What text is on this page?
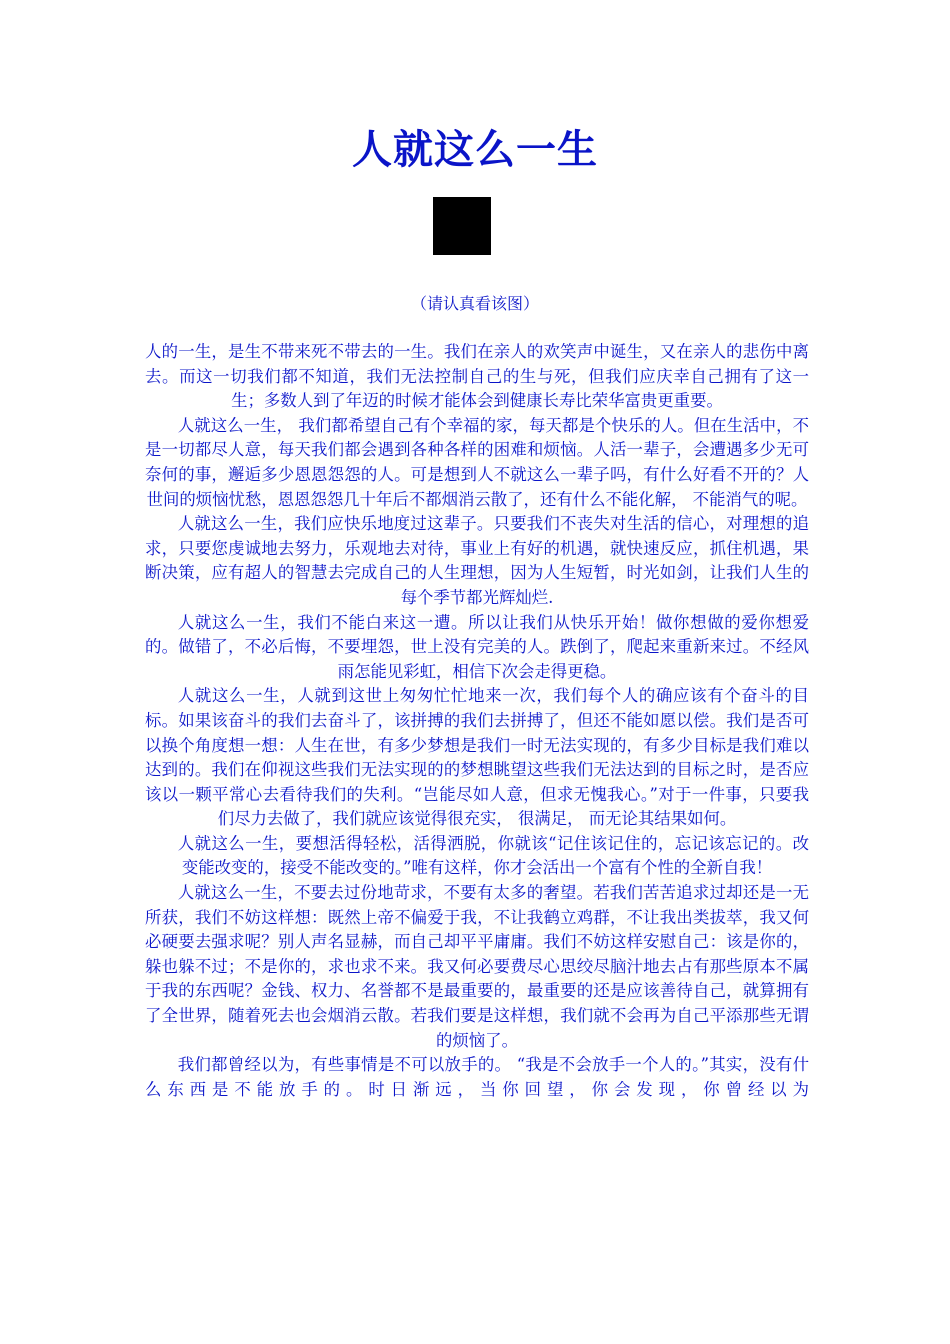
人就这么一生
（请认真看该图）

人的一生，是生不带来死不带去的一生。我们在亲人的欢笑声中诞生，又在亲人的悲伤中离去。而这一切我们都不知道，我们无法控制自己的生与死，但我们应庆幸自己拥有了这一生；多数人到了年迈的时候才能体会到健康长寿比荣华富贵更重要。

人就这么一生， 我们都希望自己有个幸福的家，每天都是个快乐的人。但在生活中，不是一切都尽人意，每天我们都会遇到各种各样的困难和烦恼。人活一辈子，会遭遇多少无可奈何的事，邂逅多少恩恩怨怨的人。可是想到人不就这么一辈子吗，有什么好看不开的？人世间的烦恼忧愁，恩恩怨怨几十年后不都烟消云散了，还有什么不能化解， 不能消气的呢。

人就这么一生，我们应快乐地度过这辈子。只要我们不丧失对生活的信心，对理想的追求，只要您虔诚地去努力，乐观地去对待，事业上有好的机遇，就快速反应，抓住机遇，果断决策，应有超人的智慧去完成自己的人生理想，因为人生短暂，时光如剑，让我们人生的每个季节都光辉灿烂.

人就这么一生，我们不能白来这一遭。所以让我们从快乐开始！做你想做的爱你想爱的。做错了，不必后悔，不要埋怨，世上没有完美的人。跌倒了，爬起来重新来过。不经风雨怎能见彩虹，相信下次会走得更稳。

人就这么一生，人就到这世上匆匆忙忙地来一次，我们每个人的确应该有个奋斗的目标。如果该奋斗的我们去奋斗了，该拼搏的我们去拼搏了，但还不能如愿以偿。我们是否可以换个角度想一想：人生在世，有多少梦想是我们一时无法实现的，有多少目标是我们难以达到的。我们在仰视这些我们无法实现的的梦想眺望这些我们无法达到的目标之时，是否应该以一颗平常心去看待我们的失利。“岂能尽如人意，但求无愧我心。”对于一件事，只要我们尽力去做了，我们就应该觉得很充实， 很满足， 而无论其结果如何。

人就这么一生，要想活得轻松，活得洒脱，你就该“记住该记住的，忘记该忘记的。改变能改变的，接受不能改变的。”唯有这样，你才会活出一个富有个性的全新自我！

人就这么一生，不要去过份地苛求，不要有太多的奢望。若我们苦苦追求过却还是一无所获，我们不妨这样想：既然上帝不偏爱于我，不让我鹤立鸡群，不让我出类拔萃，我又何必硬要去强求呢？别人声名显赫，而自己却平平庸庸。我们不妨这样安慰自己：该是你的，躲也躲不过；不是你的，求也求不来。我又何必要费尽心思绞尽脑汁地去占有那些原本不属于我的东西呢？金钱、权力、名誉都不是最重要的，最重要的还是应该善待自己，就算拥有了全世界，随着死去也会烟消云散。若我们要是这样想，我们就不会再为自己平添那些无谓的烦恼了。

我们都曾经以为，有些事情是不可以放手的。 “我是不会放手一个人的。”其实，没有什么东西是不能放手的。时日渐远，当你回望，你会发现，你曾经以为
